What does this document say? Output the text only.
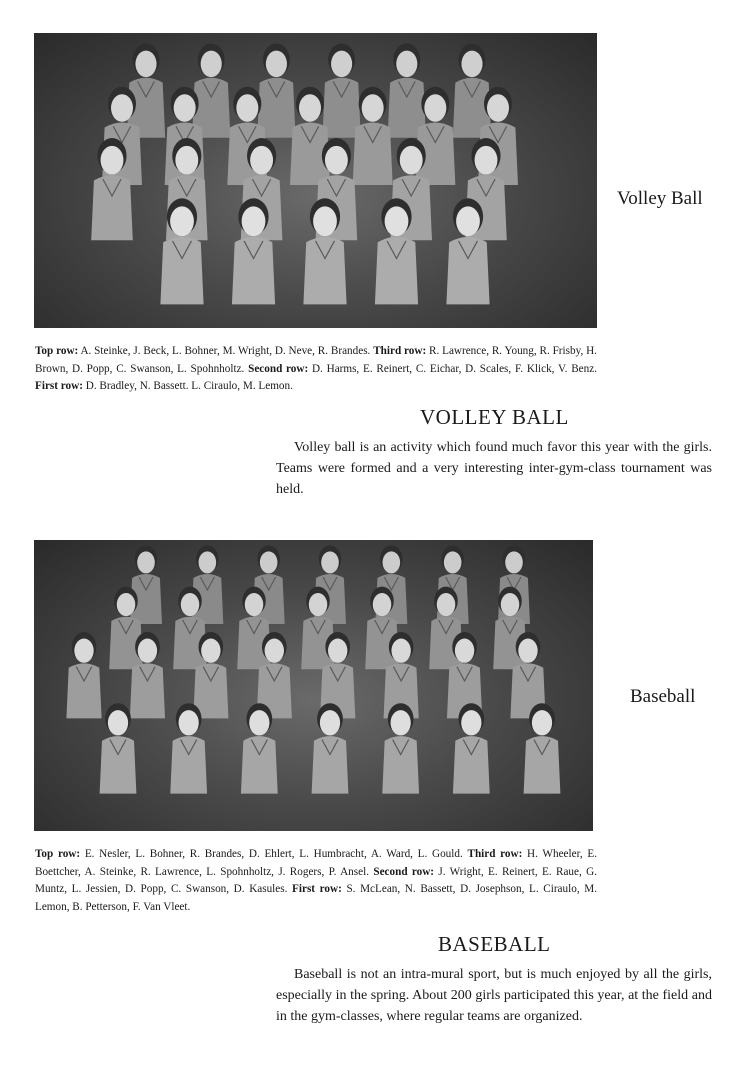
Volley Ball
Top row: A. Steinke, J. Beck, L. Bohner, M. Wright, D. Neve, R. Brandes. Third row: R. Lawrence, R. Young, R. Frisby, H. Brown, D. Popp, C. Swanson, L. Spohnholtz. Second row: D. Harms, E. Reinert, C. Eichar, D. Scales, F. Klick, V. Benz. First row: D. Bradley, N. Bassett. L. Ciraulo, M. Lemon.
VOLLEY BALL
Volley ball is an activity which found much favor this year with the girls. Teams were formed and a very interesting inter-gym-class tournament was held.
Baseball
Top row: E. Nesler, L. Bohner, R. Brandes, D. Ehlert, L. Humbracht, A. Ward, L. Gould. Third row: H. Wheeler, E. Boettcher, A. Steinke, R. Lawrence, L. Spohnholtz, J. Rogers, P. Ansel. Second row: J. Wright, E. Reinert, E. Raue, G. Muntz, L. Jessien, D. Popp, C. Swanson, D. Kasules. First row: S. McLean, N. Bassett, D. Josephson, L. Ciraulo, M. Lemon, B. Petterson, F. Van Vleet.
BASEBALL
Baseball is not an intra-mural sport, but is much enjoyed by all the girls, especially in the spring. About 200 girls participated this year, at the field and in the gym-classes, where regular teams are organized.
